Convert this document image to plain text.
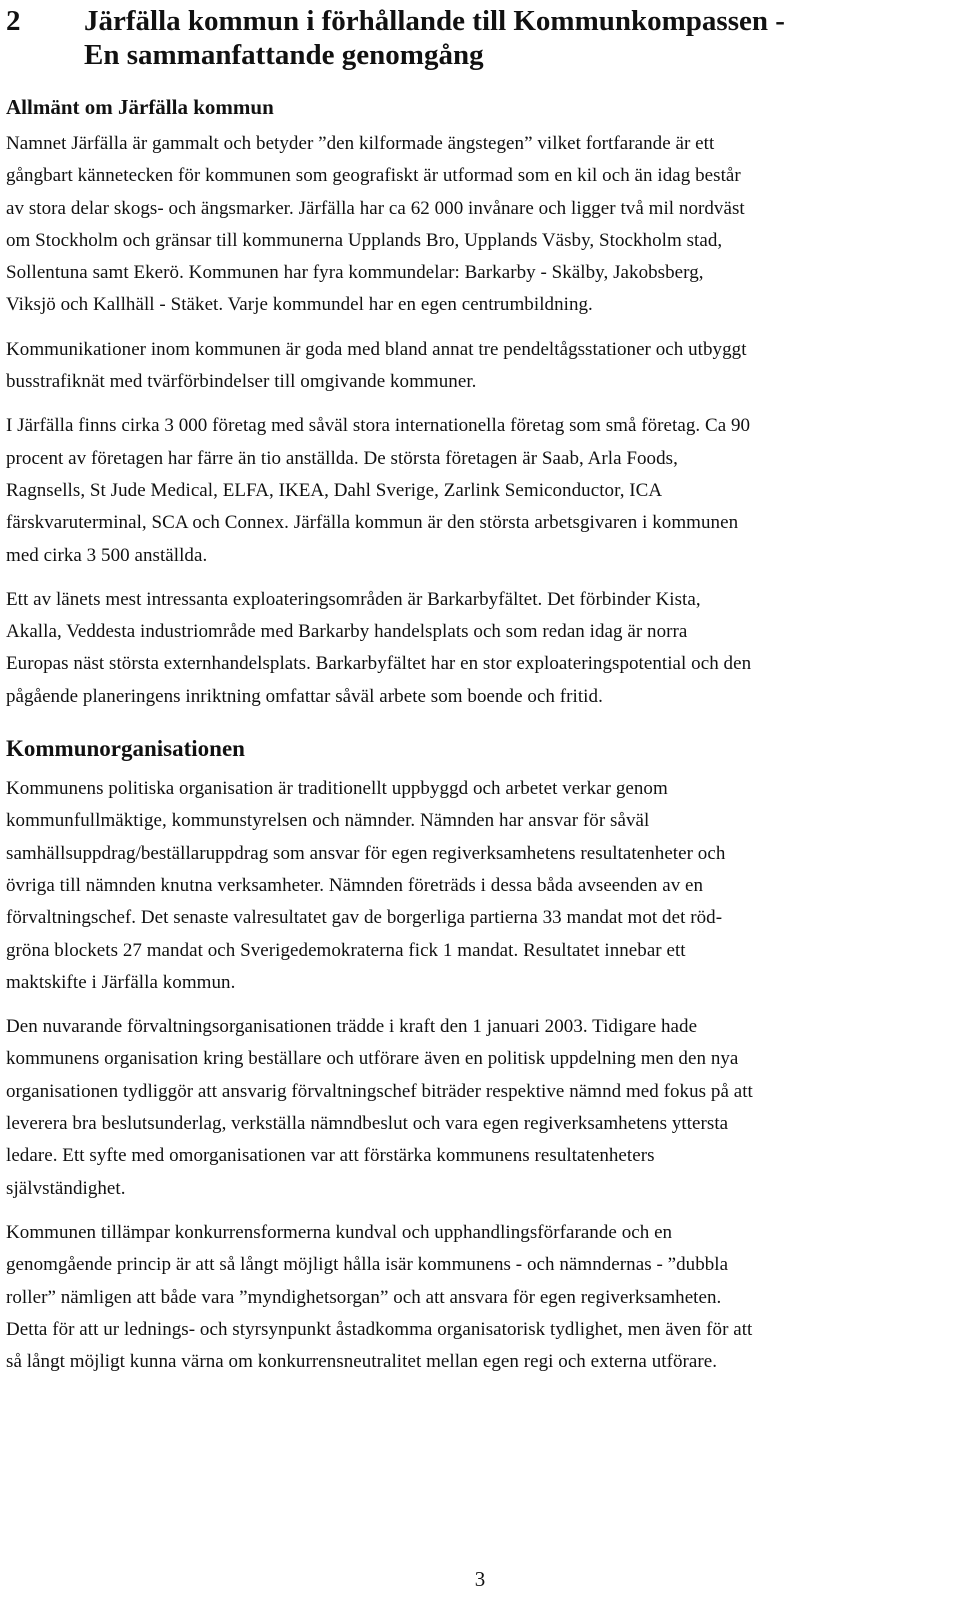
2	Järfälla kommun i förhållande till Kommunkompassen -
En sammanfattande genomgång
Allmänt om Järfälla kommun
Namnet Järfälla är gammalt och betyder ”den kilformade ängstegen” vilket fortfarande är ett
gångbart kännetecken för kommunen som geografiskt är utformad som en kil och än idag består
av stora delar skogs- och ängsmarker. Järfälla har ca 62 000 invånare och ligger två mil nordväst
om Stockholm och gränsar till kommunerna Upplands Bro, Upplands Väsby, Stockholm stad,
Sollentuna samt Ekerö. Kommunen har fyra kommundelar: Barkarby - Skälby, Jakobsberg,
Viksjö och Kallhäll - Stäket. Varje kommundel har en egen centrumbildning.
Kommunikationer inom kommunen är goda med bland annat tre pendeltågsstationer och utbyggt
busstrafiknät med tvärförbindelser till omgivande kommuner.
I Järfälla finns cirka 3 000 företag med såväl stora internationella företag som små företag. Ca 90
procent av företagen har färre än tio anställda. De största företagen är Saab, Arla Foods,
Ragnsells, St Jude Medical, ELFA, IKEA, Dahl Sverige, Zarlink Semiconductor, ICA
färskvaruterminal, SCA och Connex. Järfälla kommun är den största arbetsgivaren i kommunen
med cirka 3 500 anställda.
Ett av länets mest intressanta exploateringsområden är Barkarbyfältet. Det förbinder Kista,
Akalla, Veddesta industriområde med Barkarby handelsplats och som redan idag är norra
Europas näst största externhandelsplats. Barkarbyfältet har en stor exploateringspotential och den
pågående planeringens inriktning omfattar såväl arbete som boende och fritid.
Kommunorganisationen
Kommunens politiska organisation är traditionellt uppbyggd och arbetet verkar genom
kommunfullmäktige, kommunstyrelsen och nämnder. Nämnden har ansvar för såväl
samhällsuppdrag/beställaruppdrag som ansvar för egen regiverksamhetens resultatenheter och
övriga till nämnden knutna verksamheter. Nämnden företräds i dessa båda avseenden av en
förvaltningschef. Det senaste valresultatet gav de borgerliga partierna 33 mandat mot det röd-
gröna blockets 27 mandat och Sverigedemokraterna fick 1 mandat. Resultatet innebar ett
maktskifte i Järfälla kommun.
Den nuvarande förvaltningsorganisationen trädde i kraft den 1 januari 2003. Tidigare hade
kommunens organisation kring beställare och utförare även en politisk uppdelning men den nya
organisationen tydliggör att ansvarig förvaltningschef biträder respektive nämnd med fokus på att
leverera bra beslutsunderlag, verkställa nämndbeslut och vara egen regiverksamhetens yttersta
ledare. Ett syfte med omorganisationen var att förstärka kommunens resultatenheters
självständighet.
Kommunen tillämpar konkurrensformerna kundval och upphandlingsförfarande och en
genomgående princip är att så långt möjligt hålla isär kommunens - och nämndernas - ”dubbla
roller” nämligen att både vara ”myndighetsorgan” och att ansvara för egen regiverksamheten.
Detta för att ur lednings- och styrsynpunkt åstadkomma organisatorisk tydlighet, men även för att
så långt möjligt kunna värna om konkurrensneutralitet mellan egen regi och externa utförare.
3
